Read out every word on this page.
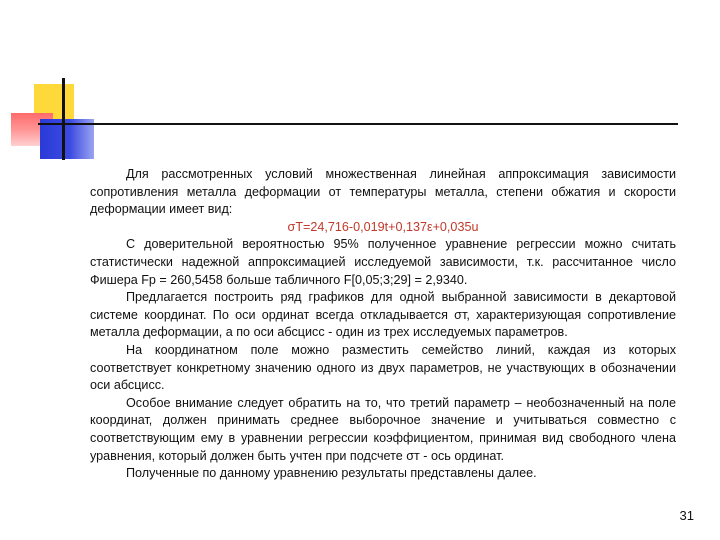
Для рассмотренных условий множественная линейная аппроксимация зависимости сопротивления металла деформации от температуры металла, степени обжатия и скорости деформации имеет вид:

σТ=24,716-0,019t+0,137ε+0,035u

С доверительной вероятностью 95% полученное уравнение регрессии можно считать статистически надежной аппроксимацией исследуемой зависимости, т.к. рассчитанное число Фишера Fp = 260,5458 больше табличного F[0,05;3;29] = 2,9340.

Предлагается построить ряд графиков для одной выбранной зависимости в декартовой системе координат. По оси ординат всегда откладывается σт, характеризующая сопротивление металла деформации, а по оси абсцисс - один из трех исследуемых параметров.

На координатном поле можно разместить семейство линий, каждая из которых соответствует конкретному значению одного из двух параметров, не участвующих в обозначении оси абсцисс.

Особое внимание следует обратить на то, что третий параметр – необозначенный на поле координат, должен принимать среднее выборочное значение и учитываться совместно с соответствующим ему в уравнении регрессии коэффициентом, принимая вид свободного члена уравнения, который должен быть учтен при подсчете σт - ось ординат.

Полученные по данному уравнению результаты представлены далее.

31
